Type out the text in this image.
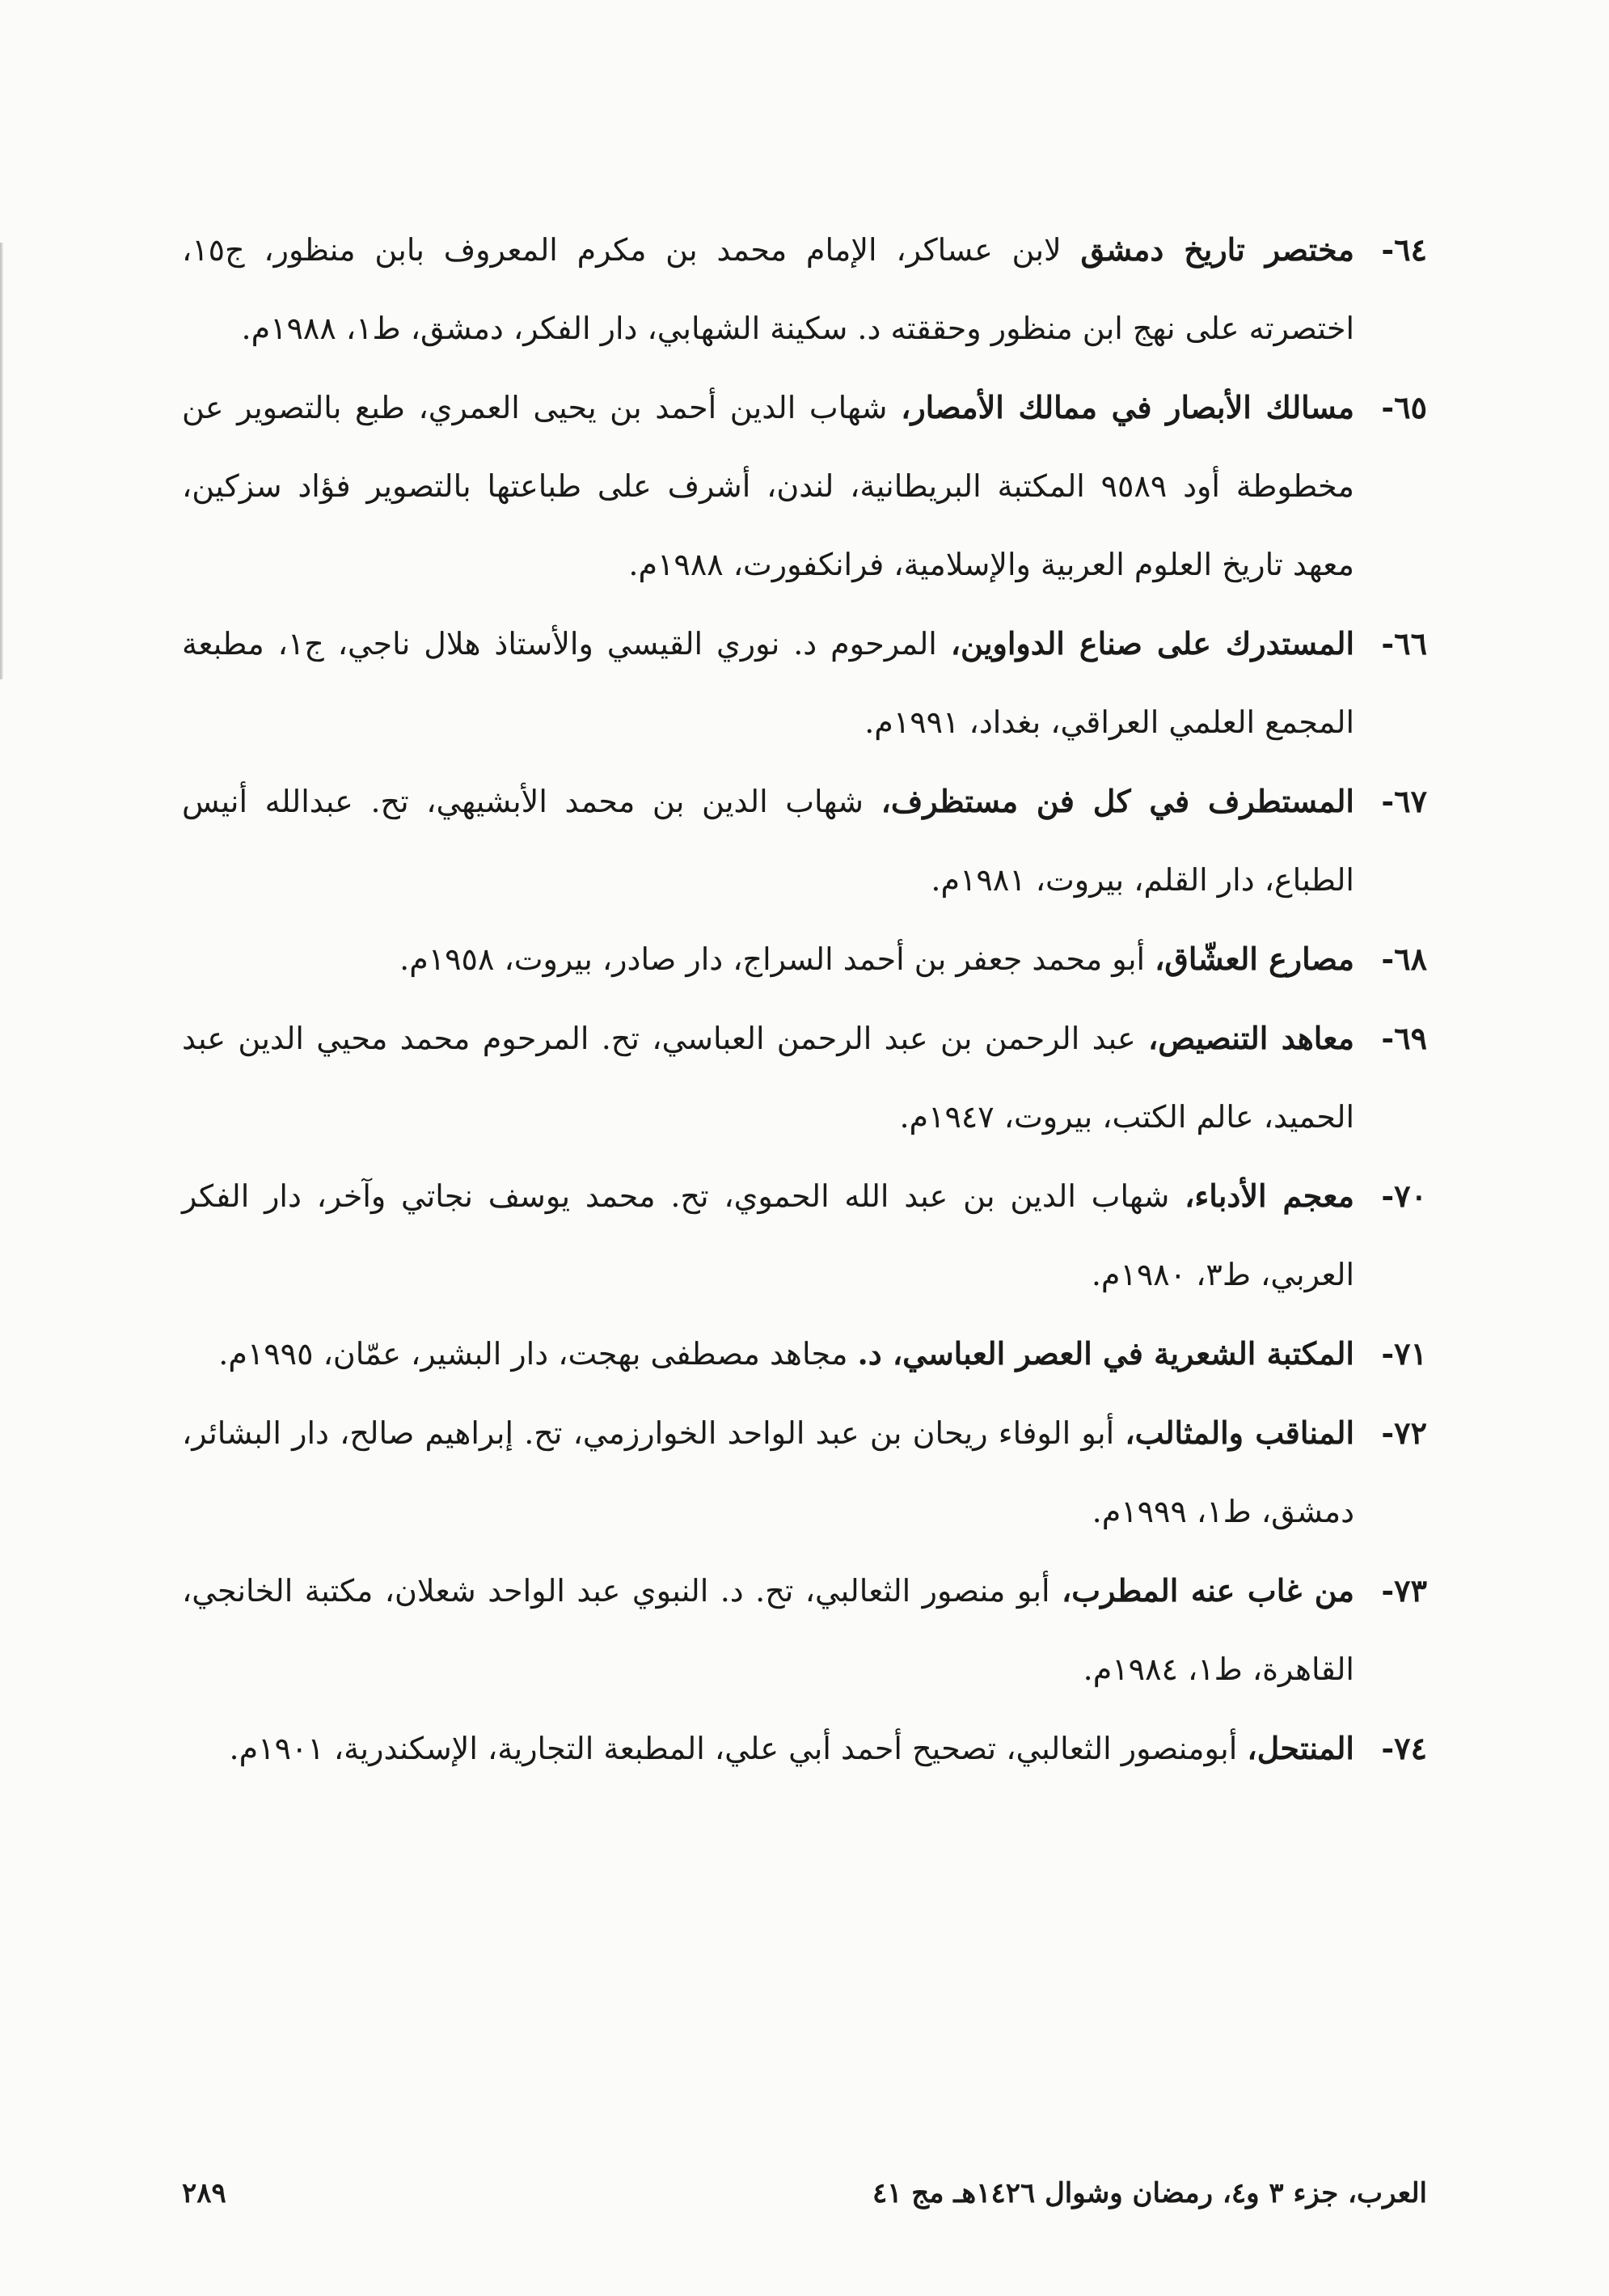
٦٤-
مختصر تاريخ دمشق لابن عساكر، الإمام محمد بن مكرم المعروف بابن منظور، ج١٥، اختصرته على نهج ابن منظور وحققته د. سكينة الشهابي، دار الفكر، دمشق، ط١، ١٩٨٨م.

٦٥-
مسالك الأبصار في ممالك الأمصار، شهاب الدين أحمد بن يحيى العمري، طبع بالتصوير عن مخطوطة أود ٩٥٨٩ المكتبة البريطانية، لندن، أشرف على طباعتها بالتصوير فؤاد سزكين، معهد تاريخ العلوم العربية والإسلامية، فرانكفورت، ١٩٨٨م.

٦٦-
المستدرك على صناع الدواوين، المرحوم د. نوري القيسي والأستاذ هلال ناجي، ج١، مطبعة المجمع العلمي العراقي، بغداد، ١٩٩١م.

٦٧-
المستطرف في كل فن مستظرف، شهاب الدين بن محمد الأبشيهي، تح. عبدالله أنيس الطباع، دار القلم، بيروت، ١٩٨١م.

٦٨-
مصارع العشّاق، أبو محمد جعفر بن أحمد السراج، دار صادر، بيروت، ١٩٥٨م.

٦٩-
معاهد التنصيص، عبد الرحمن بن عبد الرحمن العباسي، تح. المرحوم محمد محيي الدين عبد الحميد، عالم الكتب، بيروت، ١٩٤٧م.

٧٠-
معجم الأدباء، شهاب الدين بن عبد الله الحموي، تح. محمد يوسف نجاتي وآخر، دار الفكر العربي، ط٣، ١٩٨٠م.

٧١-
المكتبة الشعرية في العصر العباسي، د. مجاهد مصطفى بهجت، دار البشير، عمّان، ١٩٩٥م.

٧٢-
المناقب والمثالب، أبو الوفاء ريحان بن عبد الواحد الخوارزمي، تح. إبراهيم صالح، دار البشائر، دمشق، ط١، ١٩٩٩م.

٧٣-
من غاب عنه المطرب، أبو منصور الثعالبي، تح. د. النبوي عبد الواحد شعلان، مكتبة الخانجي، القاهرة، ط١، ١٩٨٤م.

٧٤-
المنتحل، أبومنصور الثعالبي، تصحيح أحمد أبي علي، المطبعة التجارية، الإسكندرية، ١٩٠١م.

العرب، جزء ٣ و٤، رمضان وشوال ١٤٢٦هـ مج ٤١
٢٨٩
